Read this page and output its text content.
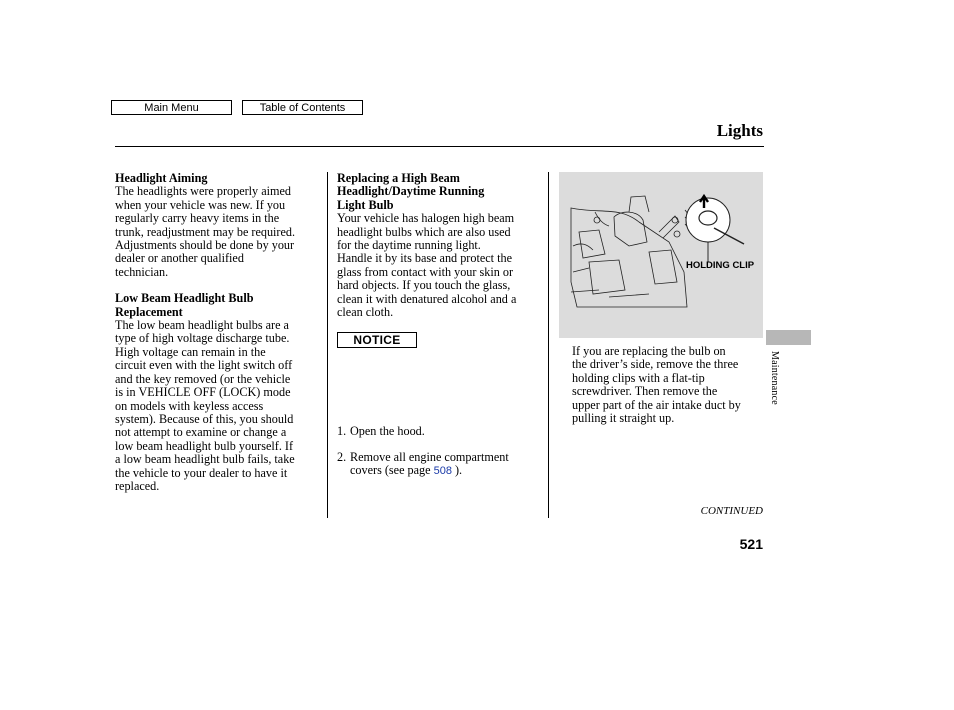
Main Menu	Table of Contents
Lights

Headlight Aiming

The headlights were properly aimed

when your vehicle was new. If you

regularly carry heavy items in the

trunk, readjustment may be required.

Adjustments should be done by your

dealer or another qualified

technician.

Low Beam Headlight Bulb

Replacement

The low beam headlight bulbs are a

type of high voltage discharge tube.

High voltage can remain in the

circuit even with the light switch off

and the key removed (or the vehicle

is in VEHICLE OFF (LOCK) mode

on models with keyless access

system). Because of this, you should

not attempt to examine or change a

low beam headlight bulb yourself. If

a low beam headlight bulb fails, take

the vehicle to your dealer to have it

replaced.

Replacing a High Beam

Headlight/Daytime Running

Light Bulb

Your vehicle has halogen high beam

headlight bulbs which are also used

for the daytime running light.

Handle it by its base and protect the

glass from contact with your skin or

hard objects. If you touch the glass,

clean it with denatured alcohol and a

clean cloth.

NOTICE
1. Open the hood.
2. Remove all engine compartment
covers (see page 508 ).
HOLDING CLIP

If you are replacing the bulb on

the driver’s side, remove the three

holding clips with a flat-tip

screwdriver. Then remove the

upper part of the air intake duct by

pulling it straight up.

CONTINUED
521
Maintenance
